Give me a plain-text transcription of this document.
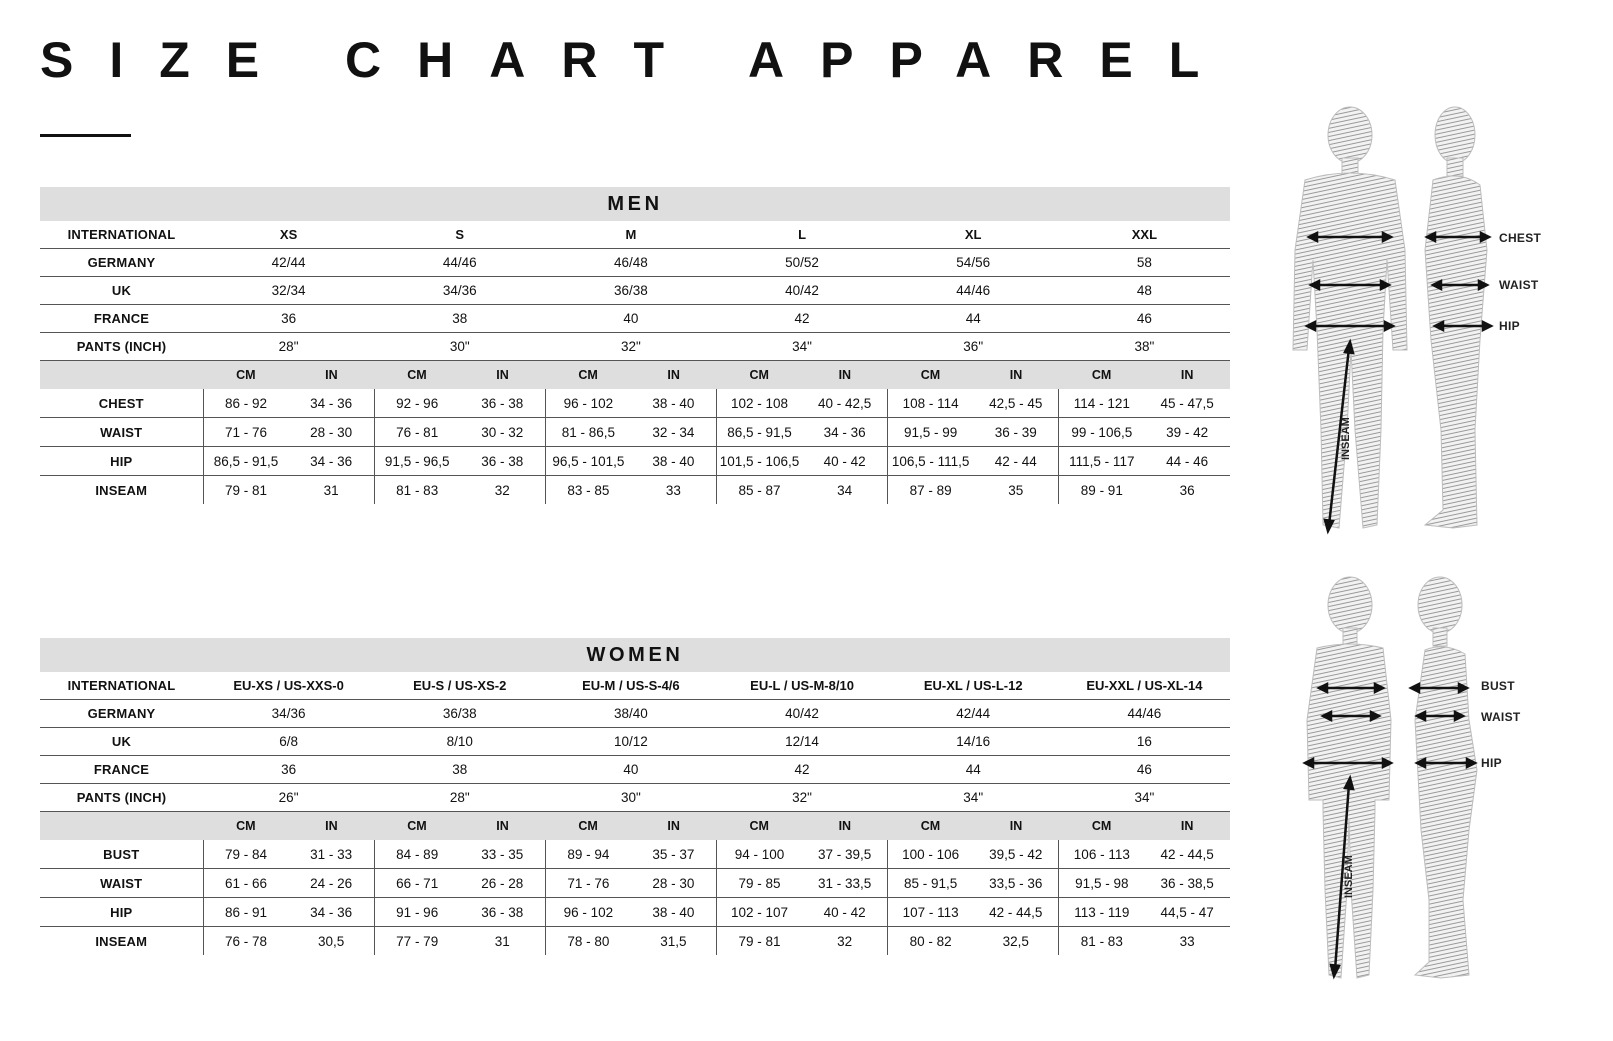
SIZE CHART APPAREL
MEN												
INTERNATIONAL	XS		S		M		L		XL		XXL	
GERMANY	42/44		44/46		46/48		50/52		54/56		58	
UK	32/34		34/36		36/38		40/42		44/46		48	
FRANCE	36		38		40		42		44		46	
PANTS (INCH)	28"		30"		32"		34"		36"		38"	
	CM	IN	CM	IN	CM	IN	CM	IN	CM	IN	CM	IN
CHEST	86 - 92	34 - 36	92 - 96	36 - 38	96 - 102	38 - 40	102 - 108	40 - 42,5	108 - 114	42,5 - 45	114 - 121	45 - 47,5
WAIST	71 - 76	28 - 30	76 - 81	30 - 32	81 - 86,5	32 - 34	86,5 - 91,5	34 - 36	91,5 - 99	36 - 39	99 - 106,5	39 - 42
HIP	86,5 - 91,5	34 - 36	91,5 - 96,5	36 - 38	96,5 - 101,5	38 - 40	101,5 - 106,5	40 - 42	106,5 - 111,5	42 - 44	111,5 - 117	44 - 46
INSEAM	79 - 81	31	81 - 83	32	83 - 85	33	85 - 87	34	87 - 89	35	89 - 91	36
WOMEN												
INTERNATIONAL	EU-XS / US-XXS-0		EU-S / US-XS-2		EU-M / US-S-4/6		EU-L / US-M-8/10		EU-XL / US-L-12		EU-XXL / US-XL-14	
GERMANY	34/36		36/38		38/40		40/42		42/44		44/46	
UK	6/8		8/10		10/12		12/14		14/16		16	
FRANCE	36		38		40		42		44		46	
PANTS (INCH)	26"		28"		30"		32"		34"		34"	
	CM	IN	CM	IN	CM	IN	CM	IN	CM	IN	CM	IN
BUST	79 - 84	31 - 33	84 - 89	33 - 35	89 - 94	35 - 37	94 - 100	37 - 39,5	100 - 106	39,5 - 42	106 - 113	42 - 44,5
WAIST	61 - 66	24 - 26	66 - 71	26 - 28	71 - 76	28 - 30	79 - 85	31 - 33,5	85 - 91,5	33,5 - 36	91,5 - 98	36 - 38,5
HIP	86 - 91	34 - 36	91 - 96	36 - 38	96 - 102	38 - 40	102 - 107	40 - 42	107 - 113	42 - 44,5	113 - 119	44,5 - 47
INSEAM	76 - 78	30,5	77 - 79	31	78 - 80	31,5	79 - 81	32	80 - 82	32,5	81 - 83	33
CHEST
WAIST
HIP
INSEAM
BUST
WAIST
HIP
INSEAM
